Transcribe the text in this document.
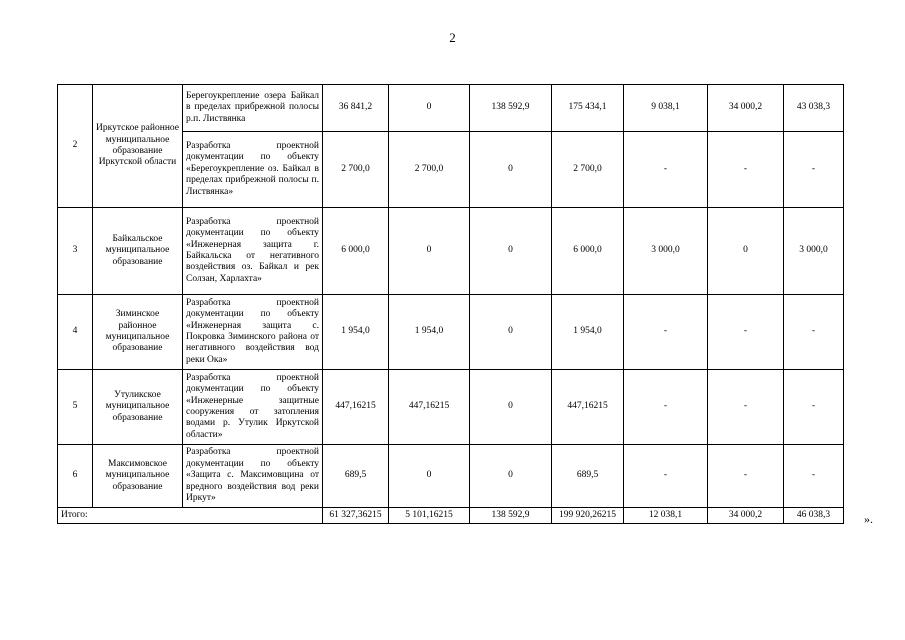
2
2	Иркутское районное муниципальное образование Иркутской области	Берегоукрепление озера Байкал в пределах прибрежной полосы р.п. Листвянка	36 841,2	0	138 592,9	175 434,1	9 038,1	34 000,2	43 038,3
		Разработка проектной документации по объекту «Берегоукрепление оз. Байкал в пределах прибрежной полосы п. Листвянка»	2 700,0	2 700,0	0	2 700,0	-	-	-
3	Байкальское муниципальное образование	Разработка проектной документации по объекту «Инженерная защита г. Байкальска от негативного воздействия оз. Байкал и рек Солзан, Харлахта»	6 000,0	0	0	6 000,0	3 000,0	0	3 000,0
4	Зиминское районное муниципальное образование	Разработка проектной документации по объекту «Инженерная защита с. Покровка Зиминского района от негативного воздействия вод реки Ока»	1 954,0	1 954,0	0	1 954,0	-	-	-
5	Утуликское муниципальное образование	Разработка проектной документации по объекту «Инженерные защитные сооружения от затопления водами р. Утулик Иркутской области»	447,16215	447,16215	0	447,16215	-	-	-
6	Максимовское муниципальное образование	Разработка проектной документации по объекту «Защита с. Максимовщина от вредного воздействия вод реки Иркут»	689,5	0	0	689,5	-	-	-
Итого:			61 327,36215	5 101,16215	138 592,9	199 920,26215	12 038,1	34 000,2	46 038,3	».
